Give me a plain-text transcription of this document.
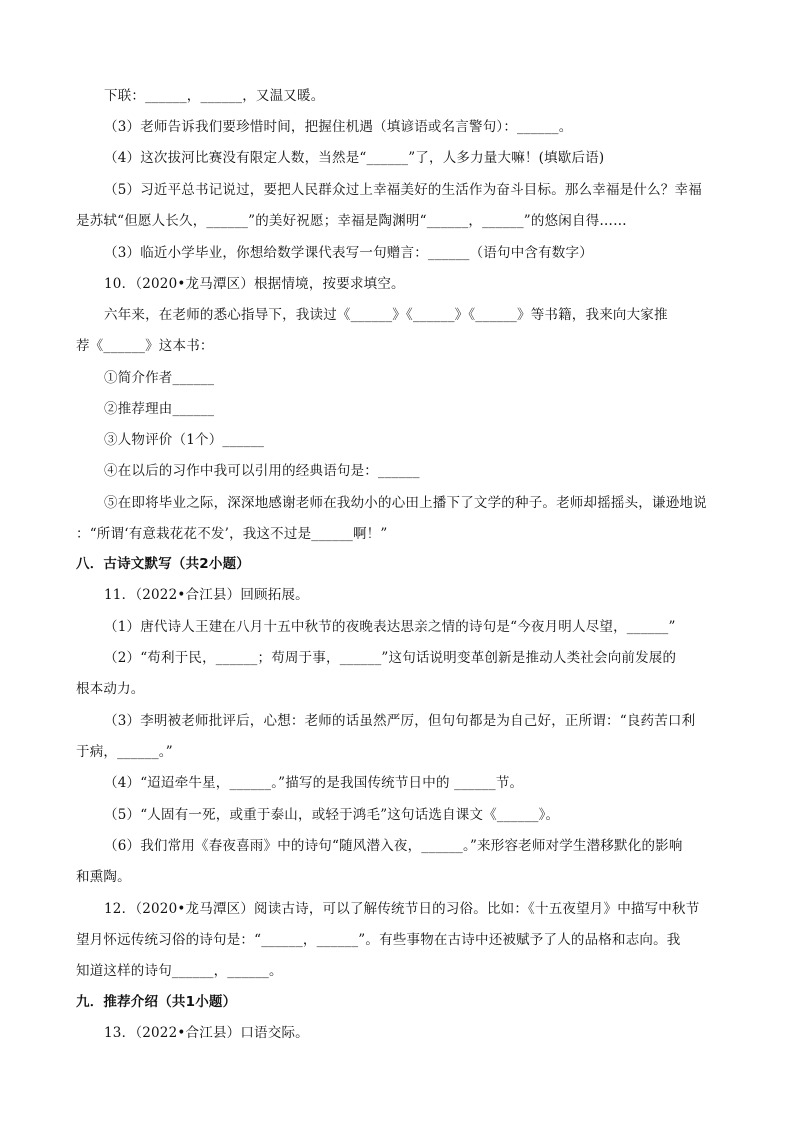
下联：______，______，又温又暖。
（3）老师告诉我们要珍惜时间，把握住机遇（填谚语或名言警句）：______。
（4）这次拔河比赛没有限定人数，当然是“______”了，人多力量大嘛！(填歇后语)
（5）习近平总书记说过，要把人民群众过上幸福美好的生活作为奋斗目标。那么幸福是什么？幸福
是苏轼“但愿人长久，______”的美好祝愿；幸福是陶渊明“______，______”的悠闲自得……
（3）临近小学毕业，你想给数学课代表写一句赠言：______（语句中含有数字）
10．（2020•龙马潭区）根据情境，按要求填空。
六年来，在老师的悉心指导下，我读过《______》《______》《______》等书籍，我来向大家推
荐《______》这本书：
①简介作者______
②推荐理由______
③人物评价（1个）______
④在以后的习作中我可以引用的经典语句是：______
⑤在即将毕业之际，深深地感谢老师在我幼小的心田上播下了文学的种子。老师却摇摇头，谦逊地说
：“所谓‘有意栽花花不发’，我这不过是______啊！”
八．古诗文默写（共2小题）
11．（2022•合江县）回顾拓展。
（1）唐代诗人王建在八月十五中秋节的夜晚表达思亲之情的诗句是“今夜月明人尽望，______”
（2）“苟利于民，______；苟周于事，______”这句话说明变革创新是推动人类社会向前发展的
根本动力。
（3）李明被老师批评后，心想：老师的话虽然严厉，但句句都是为自己好，正所谓：“良药苦口利
于病，______。”
（4）“迢迢牵牛星，______。”描写的是我国传统节日中的 ______节。
（5）“人固有一死，或重于泰山，或轻于鸿毛”这句话选自课文《______》。
（6）我们常用《春夜喜雨》中的诗句“随风潜入夜，______。”来形容老师对学生潜移默化的影响
和熏陶。
12．（2020•龙马潭区）阅读古诗，可以了解传统节日的习俗。比如：《十五夜望月》中描写中秋节
望月怀远传统习俗的诗句是：“______，______”。有些事物在古诗中还被赋予了人的品格和志向。我
知道这样的诗句______，______。
九．推荐介绍（共1小题）
13．（2022•合江县）口语交际。
